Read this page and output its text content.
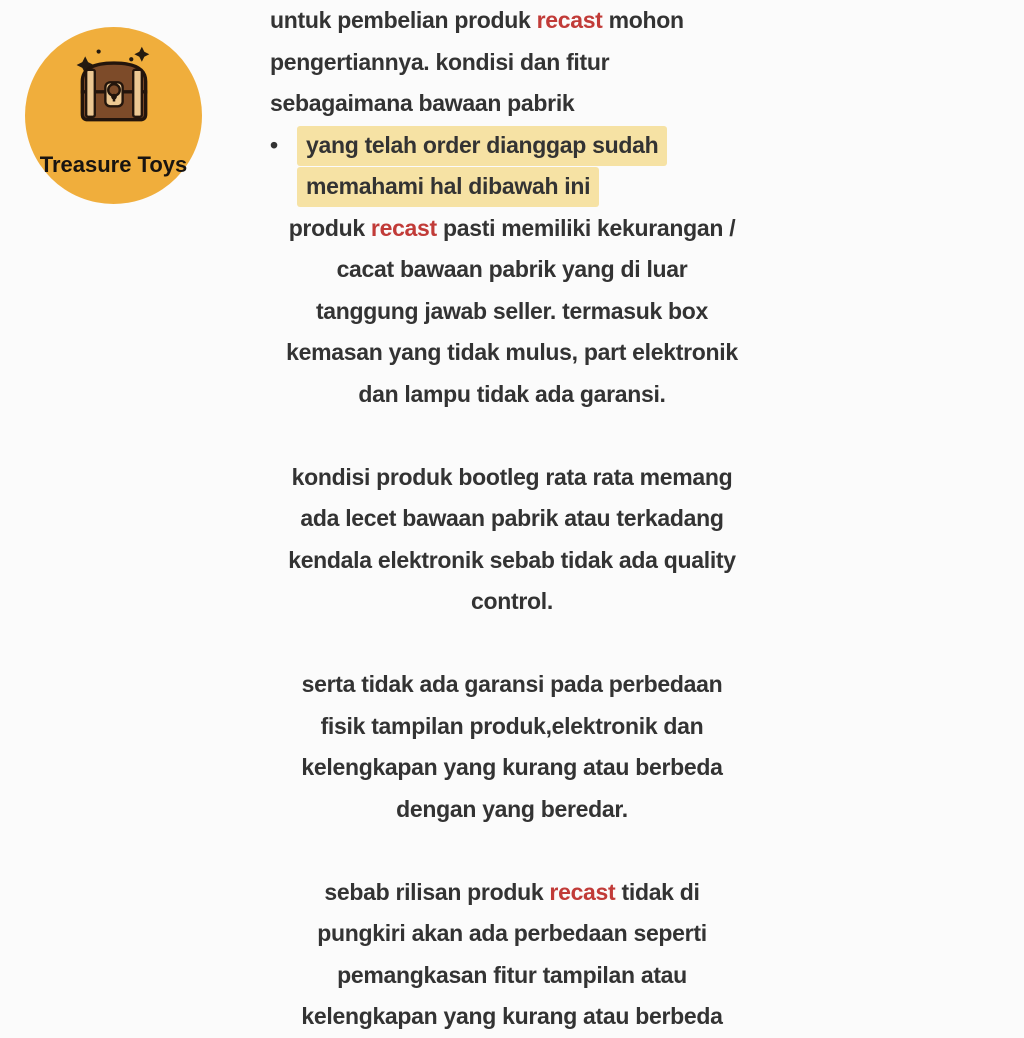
Treasure Toys
untuk pembelian produk recast mohon
pengertiannya. kondisi dan fitur
sebagaimana bawaan pabrik
• yang telah order dianggap sudah
memahami hal dibawah ini
produk recast pasti memiliki kekurangan /
cacat bawaan pabrik yang di luar
tanggung jawab seller. termasuk box
kemasan yang tidak mulus, part elektronik
dan lampu tidak ada garansi.
kondisi produk bootleg rata rata memang
ada lecet bawaan pabrik atau terkadang
kendala elektronik sebab tidak ada quality
control.
serta tidak ada garansi pada perbedaan
fisik tampilan produk,elektronik dan
kelengkapan yang kurang atau berbeda
dengan yang beredar.
sebab rilisan produk recast tidak di
pungkiri akan ada perbedaan seperti
pemangkasan fitur tampilan atau
kelengkapan yang kurang atau berbeda
